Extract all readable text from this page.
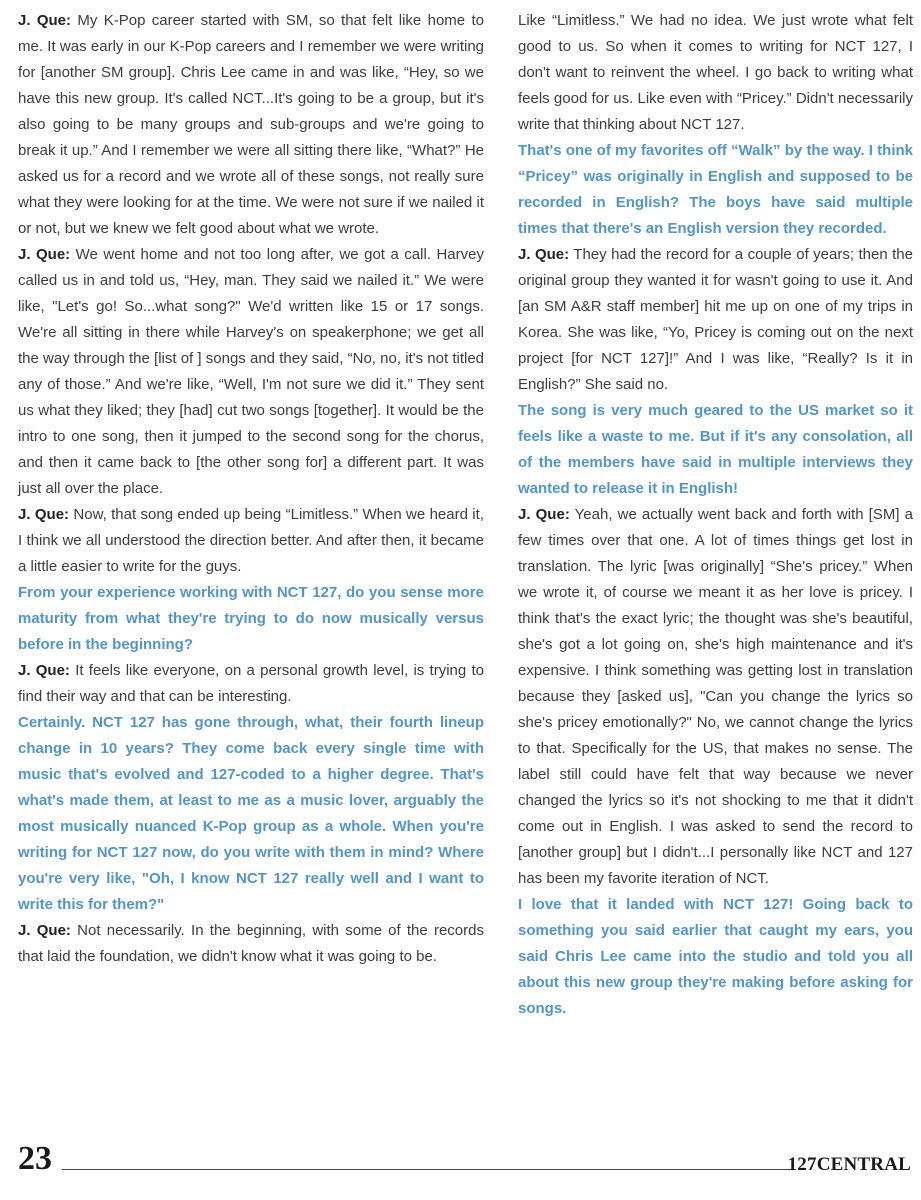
J. Que: My K-Pop career started with SM, so that felt like home to me. It was early in our K-Pop careers and I remember we were writing for [another SM group]. Chris Lee came in and was like, “Hey, so we have this new group. It's called NCT...It's going to be a group, but it's also going to be many groups and sub-groups and we're going to break it up.” And I remember we were all sitting there like, “What?” He asked us for a record and we wrote all of these songs, not really sure what they were looking for at the time. We were not sure if we nailed it or not, but we knew we felt good about what we wrote.

J. Que: We went home and not too long after, we got a call. Harvey called us in and told us, “Hey, man. They said we nailed it.” We were like, "Let's go! So...what song?" We'd written like 15 or 17 songs. We're all sitting in there while Harvey's on speakerphone; we get all the way through the [list of ] songs and they said, “No, no, it's not titled any of those.” And we're like, “Well, I'm not sure we did it.” They sent us what they liked; they [had] cut two songs [together]. It would be the intro to one song, then it jumped to the second song for the chorus, and then it came back to [the other song for] a different part. It was just all over the place.

J. Que: Now, that song ended up being “Limitless.” When we heard it, I think we all understood the direction better. And after then, it became a little easier to write for the guys.

From your experience working with NCT 127, do you sense more maturity from what they're trying to do now musically versus before in the beginning?

J. Que: It feels like everyone, on a personal growth level, is trying to find their way and that can be interesting.

Certainly. NCT 127 has gone through, what, their fourth lineup change in 10 years? They come back every single time with music that's evolved and 127-coded to a higher degree. That's what's made them, at least to me as a music lover, arguably the most musically nuanced K-Pop group as a whole. When you're writing for NCT 127 now, do you write with them in mind? Where you're very like, "Oh, I know NCT 127 really well and I want to write this for them?"

J. Que: Not necessarily. In the beginning, with some of the records that laid the foundation, we didn't know what it was going to be.

Like “Limitless.” We had no idea. We just wrote what felt good to us. So when it comes to writing for NCT 127, I don't want to reinvent the wheel. I go back to writing what feels good for us. Like even with “Pricey.” Didn't necessarily write that thinking about NCT 127.

That's one of my favorites off “Walk” by the way. I think “Pricey” was originally in English and supposed to be recorded in English? The boys have said multiple times that there's an English version they recorded.

J. Que: They had the record for a couple of years; then the original group they wanted it for wasn't going to use it. And [an SM A&R staff member] hit me up on one of my trips in Korea. She was like, “Yo, Pricey is coming out on the next project [for NCT 127]!” And I was like, “Really? Is it in English?” She said no.

The song is very much geared to the US market so it feels like a waste to me. But if it's any consolation, all of the members have said in multiple interviews they wanted to release it in English!

J. Que: Yeah, we actually went back and forth with [SM] a few times over that one. A lot of times things get lost in translation. The lyric [was originally] “She's pricey.” When we wrote it, of course we meant it as her love is pricey. I think that's the exact lyric; the thought was she's beautiful, she's got a lot going on, she's high maintenance and it's expensive. I think something was getting lost in translation because they [asked us], "Can you change the lyrics so she's pricey emotionally?" No, we cannot change the lyrics to that. Specifically for the US, that makes no sense. The label still could have felt that way because we never changed the lyrics so it's not shocking to me that it didn't come out in English. I was asked to send the record to [another group] but I didn't...I personally like NCT and 127 has been my favorite iteration of NCT.

I love that it landed with NCT 127! Going back to something you said earlier that caught my ears, you said Chris Lee came into the studio and told you all about this new group they're making before asking for songs.

23	127CENTRAL
